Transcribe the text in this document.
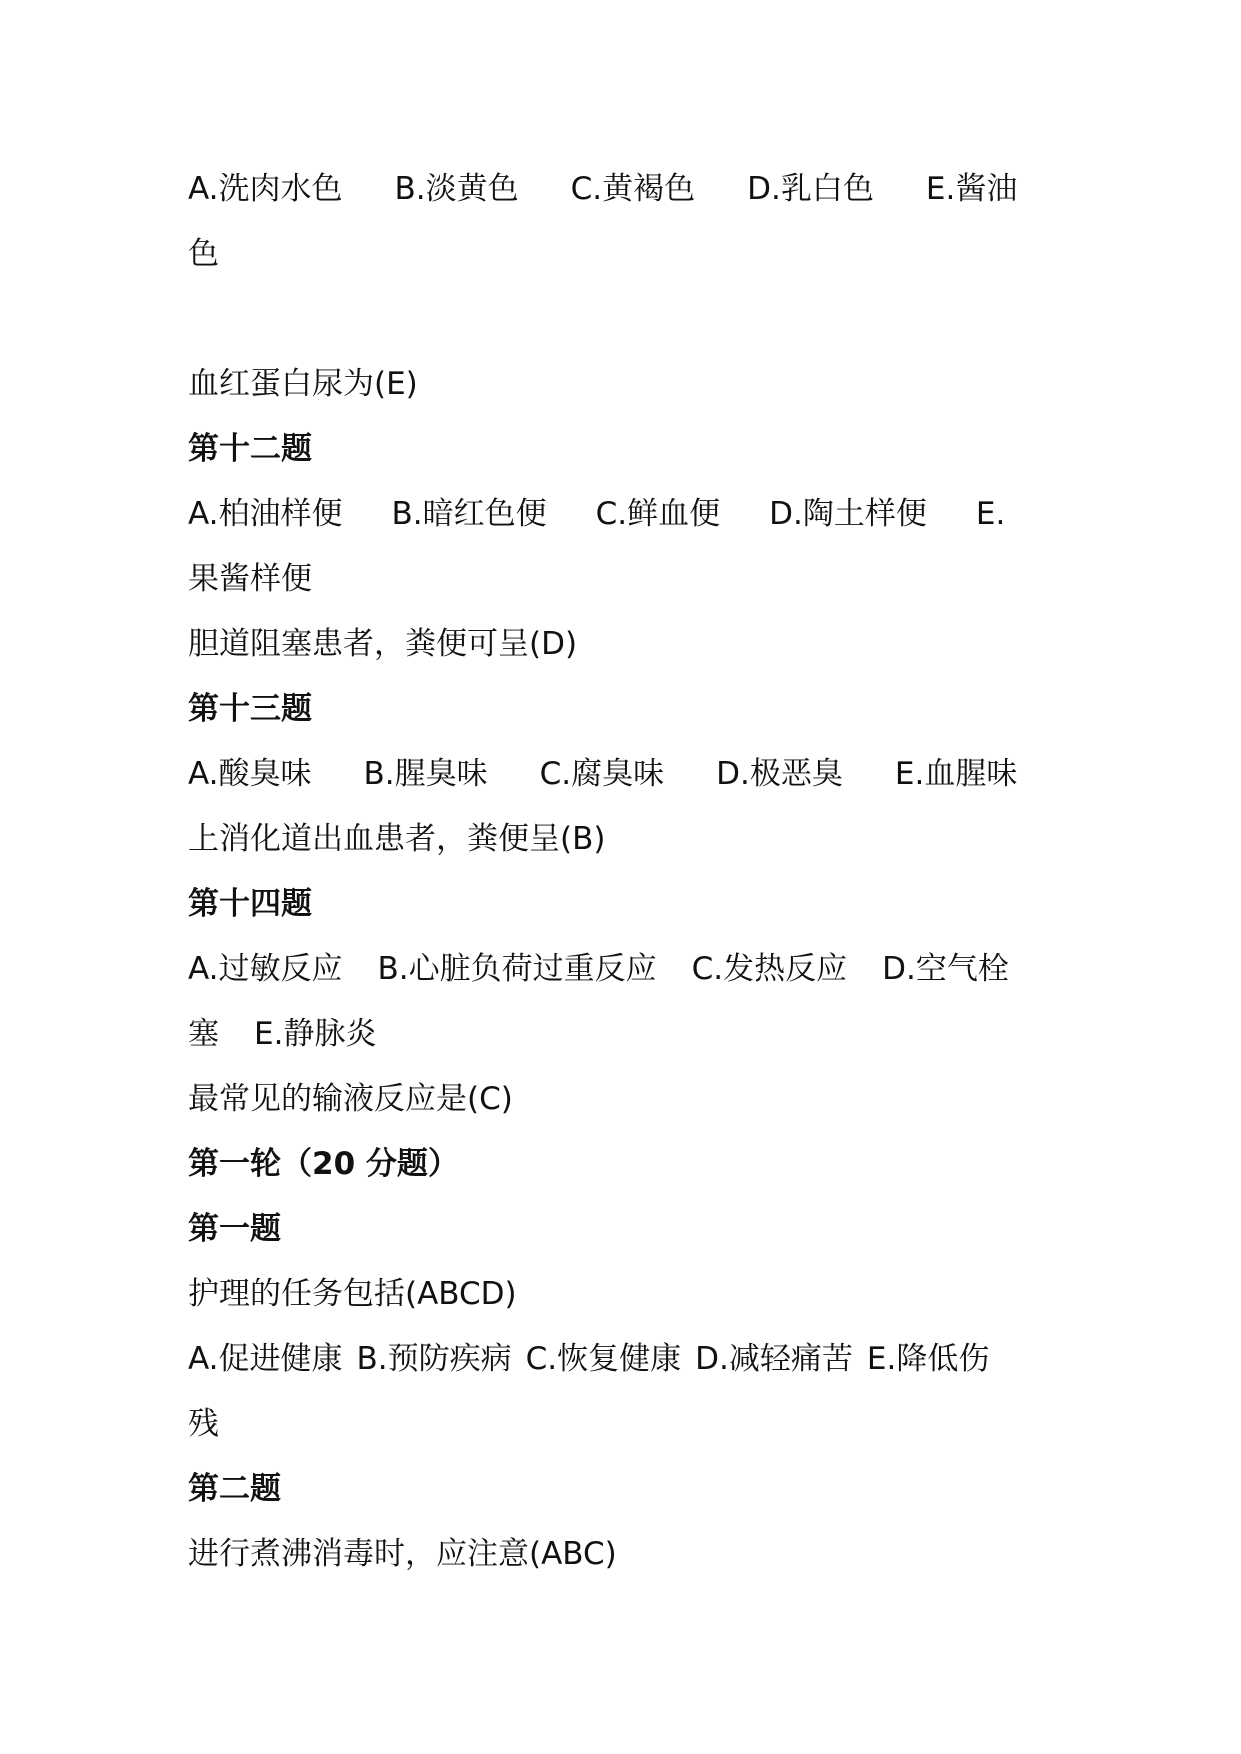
A.洗肉水色 B.淡黄色 C.黄褐色 D.乳白色 E.酱油
色
血红蛋白尿为(E)
第十二题
A.柏油样便 B.暗红色便 C.鲜血便 D.陶土样便 E.
果酱样便
胆道阻塞患者，粪便可呈(D)
第十三题
A.酸臭味 B.腥臭味 C.腐臭味 D.极恶臭 E.血腥味
上消化道出血患者，粪便呈(B)
第十四题
A.过敏反应 B.心脏负荷过重反应 C.发热反应 D.空气栓
塞 E.静脉炎
最常见的输液反应是(C)
第一轮（20 分题）
第一题
护理的任务包括(ABCD)
A.促进健康 B.预防疾病 C.恢复健康 D.减轻痛苦 E.降低伤
残
第二题
进行煮沸消毒时，应注意(ABC)
